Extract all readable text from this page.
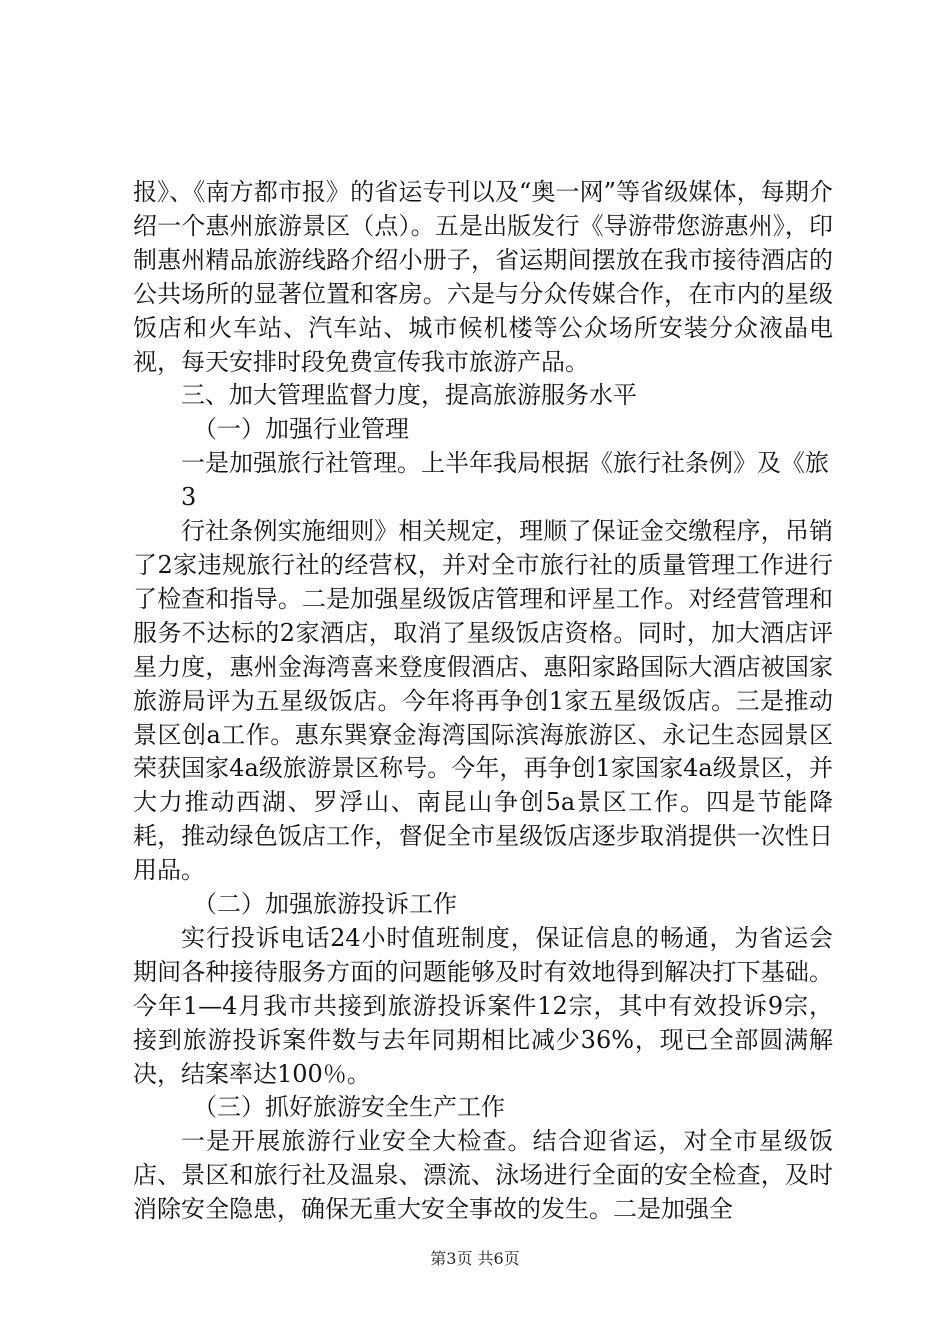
报》、《南方都市报》的省运专刊以及“奥一网”等省级媒体，每期介绍一个惠州旅游景区（点）。五是出版发行《导游带您游惠州》，印制惠州精品旅游线路介绍小册子，省运期间摆放在我市接待酒店的公共场所的显著位置和客房。六是与分众传媒合作，在市内的星级饭店和火车站、汽车站、城市候机楼等公众场所安装分众液晶电视，每天安排时段免费宣传我市旅游产品。

三、加大管理监督力度，提高旅游服务水平

（一）加强行业管理

一是加强旅行社管理。上半年我局根据《旅行社条例》及《旅

3

行社条例实施细则》相关规定，理顺了保证金交缴程序，吊销了2家违规旅行社的经营权，并对全市旅行社的质量管理工作进行了检查和指导。二是加强星级饭店管理和评星工作。对经营管理和服务不达标的2家酒店，取消了星级饭店资格。同时，加大酒店评星力度，惠州金海湾喜来登度假酒店、惠阳家路国际大酒店被国家旅游局评为五星级饭店。今年将再争创1家五星级饭店。三是推动景区创a工作。惠东巽寮金海湾国际滨海旅游区、永记生态园景区荣获国家4a级旅游景区称号。今年，再争创1家国家4a级景区，并大力推动西湖、罗浮山、南昆山争创5a景区工作。四是节能降耗，推动绿色饭店工作，督促全市星级饭店逐步取消提供一次性日用品。

（二）加强旅游投诉工作

实行投诉电话24小时值班制度，保证信息的畅通，为省运会期间各种接待服务方面的问题能够及时有效地得到解决打下基础。今年1—4月我市共接到旅游投诉案件12宗，其中有效投诉9宗，接到旅游投诉案件数与去年同期相比减少36%，现已全部圆满解决，结案率达100％。

（三）抓好旅游安全生产工作

一是开展旅游行业安全大检查。结合迎省运，对全市星级饭店、景区和旅行社及温泉、漂流、泳场进行全面的安全检查，及时消除安全隐患，确保无重大安全事故的发生。二是加强全

第3页 共6页
